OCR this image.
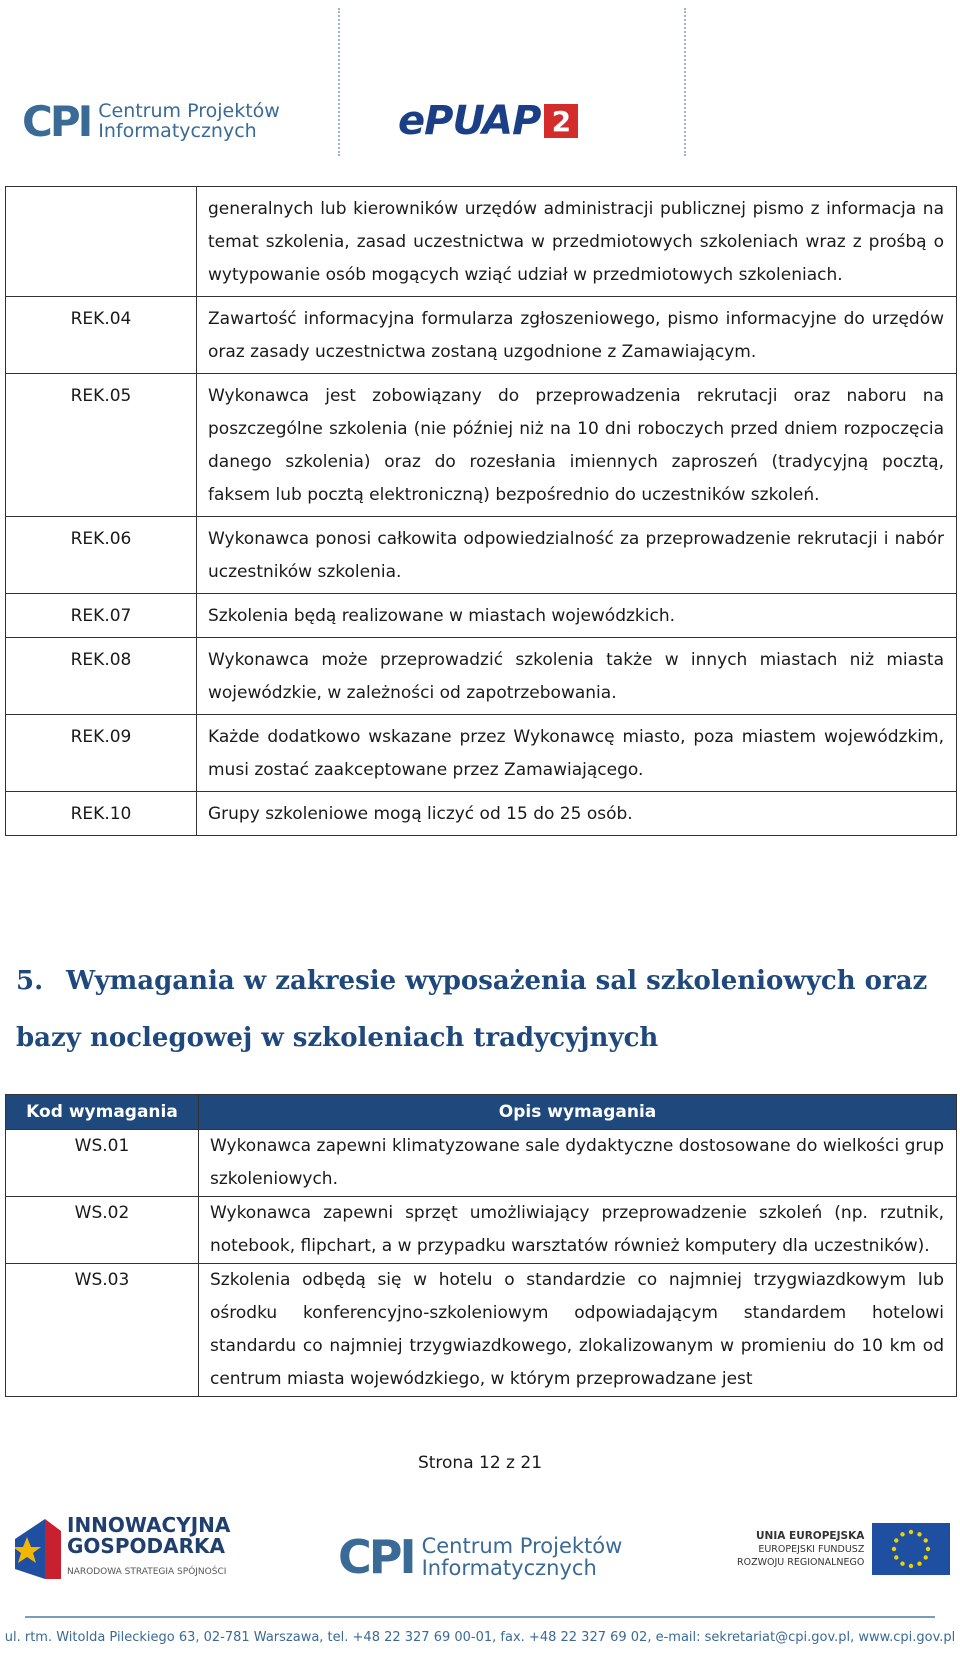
CPI Centrum Projektów
Informatycznych	ePUAP 2
	generalnych lub kierowników urzędów administracji publicznej pismo z informacja na temat szkolenia, zasad uczestnictwa w przedmiotowych szkoleniach wraz z prośbą o wytypowanie osób mogących wziąć udział w przedmiotowych szkoleniach.
REK.04	Zawartość informacyjna formularza zgłoszeniowego, pismo informacyjne do urzędów oraz zasady uczestnictwa zostaną uzgodnione z Zamawiającym.
REK.05	Wykonawca jest zobowiązany do przeprowadzenia rekrutacji oraz naboru na poszczególne szkolenia (nie później niż na 10 dni roboczych przed dniem rozpoczęcia danego szkolenia) oraz do rozesłania imiennych zaproszeń (tradycyjną pocztą, faksem lub pocztą elektroniczną) bezpośrednio do uczestników szkoleń.
REK.06	Wykonawca ponosi całkowita odpowiedzialność za przeprowadzenie rekrutacji i nabór uczestników szkolenia.
REK.07	Szkolenia będą realizowane w miastach wojewódzkich.
REK.08	Wykonawca może przeprowadzić szkolenia także w innych miastach niż miasta wojewódzkie, w zależności od zapotrzebowania.
REK.09	Każde dodatkowo wskazane przez Wykonawcę miasto, poza miastem wojewódzkim, musi zostać zaakceptowane przez Zamawiającego.
REK.10	Grupy szkoleniowe mogą liczyć od 15 do 25 osób.
5. Wymagania w zakresie wyposażenia sal szkoleniowych oraz bazy noclegowej w szkoleniach tradycyjnych
Kod wymagania	Opis wymagania
WS.01	Wykonawca zapewni klimatyzowane sale dydaktyczne dostosowane do wielkości grup szkoleniowych.
WS.02	Wykonawca zapewni sprzęt umożliwiający przeprowadzenie szkoleń (np. rzutnik, notebook, flipchart, a w przypadku warsztatów również komputery dla uczestników).
WS.03	Szkolenia odbędą się w hotelu o standardzie co najmniej trzygwiazdkowym lub ośrodku konferencyjno-szkoleniowym odpowiadającym standardem hotelowi standardu co najmniej trzygwiazdkowego, zlokalizowanym w promieniu do 10 km od centrum miasta wojewódzkiego, w którym przeprowadzane jest
Strona 12 z 21
INNOWACYJNA
GOSPODARKA
NARODOWA STRATEGIA SPÓJNOŚCI CPI Centrum Projektów
Informatycznych
UNIA EUROPEJSKA
EUROPEJSKI FUNDUSZ
ROZWOJU REGIONALNEGO
ul. rtm. Witolda Pileckiego 63, 02-781 Warszawa, tel. +48 22 327 69 00-01, fax. +48 22 327 69 02, e-mail: sekretariat@cpi.gov.pl, www.cpi.gov.pl
